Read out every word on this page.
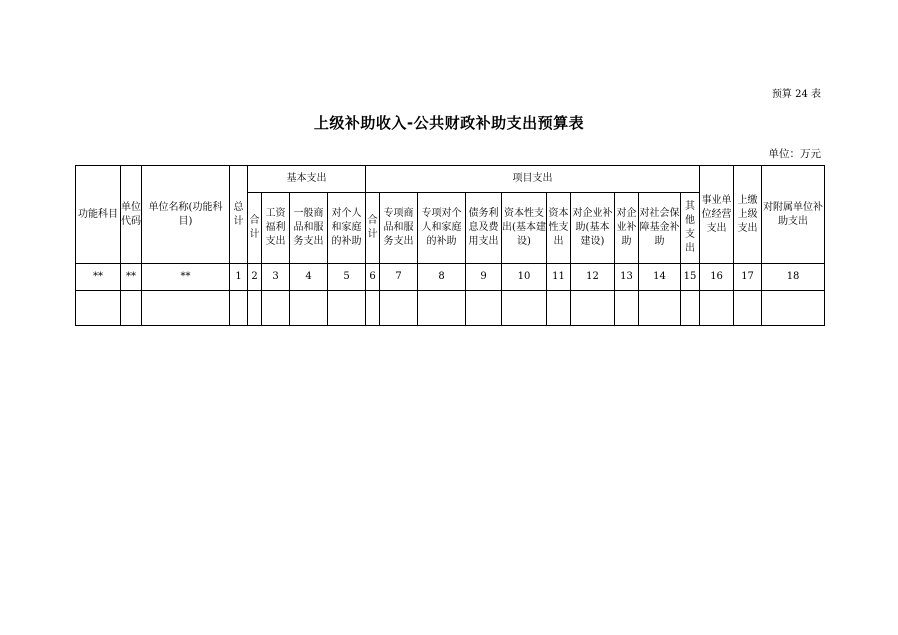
预算 24 表
上级补助收入-公共财政补助支出预算表
单位：万元
功能科目	单位代码	单位名称(功能科目)	总计	基本支出				项目支出										事业单位经营支出	上缴上级支出	对附属单位补助支出
				合计	工资福利支出	一般商品和服务支出	对个人和家庭的补助	合计	专项商品和服务支出	专项对个人和家庭的补助	债务利息及费用支出	资本性支出(基本建设)	资本性支出	对企业补助(基本建设)	对企业补助	对社会保障基金补助	其他支出			
**	**	**	1	2	3	4	5	6	7	8	9	10	11	12	13	14	15	16	17	18
